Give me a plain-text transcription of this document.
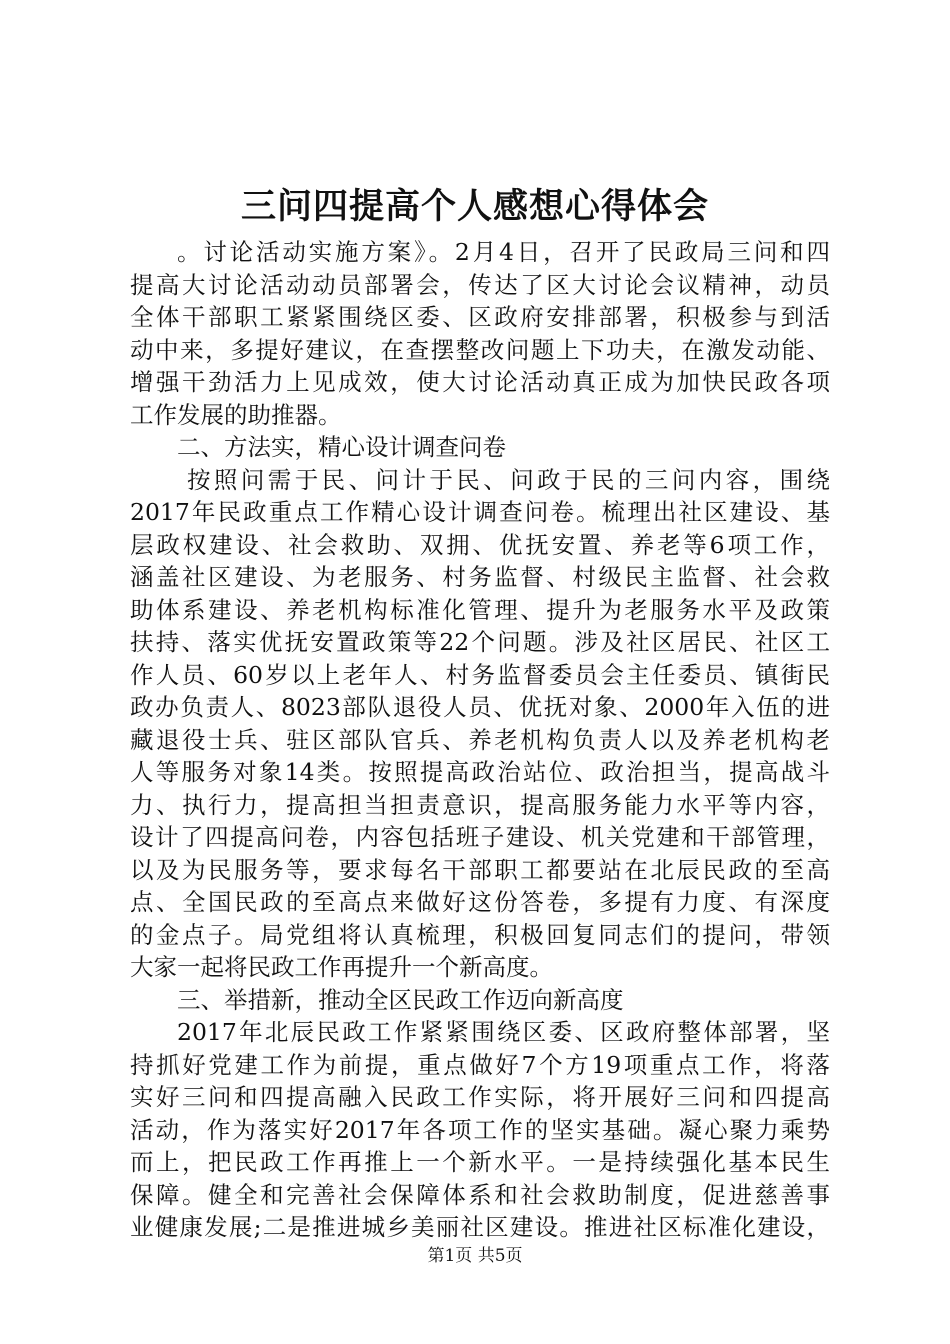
三问四提高个人感想心得体会
。讨论活动实施方案》。2月4日，召开了民政局三问和四
提高大讨论活动动员部署会，传达了区大讨论会议精神，动员
全体干部职工紧紧围绕区委、区政府安排部署，积极参与到活
动中来，多提好建议，在查摆整改问题上下功夫，在激发动能、
增强干劲活力上见成效，使大讨论活动真正成为加快民政各项
工作发展的助推器。
二、方法实，精心设计调查问卷
按照问需于民、问计于民、问政于民的三问内容，围绕
2017年民政重点工作精心设计调查问卷。梳理出社区建设、基
层政权建设、社会救助、双拥、优抚安置、养老等6项工作，
涵盖社区建设、为老服务、村务监督、村级民主监督、社会救
助体系建设、养老机构标准化管理、提升为老服务水平及政策
扶持、落实优抚安置政策等22个问题。涉及社区居民、社区工
作人员、60岁以上老年人、村务监督委员会主任委员、镇街民
政办负责人、8023部队退役人员、优抚对象、2000年入伍的进
藏退役士兵、驻区部队官兵、养老机构负责人以及养老机构老
人等服务对象14类。按照提高政治站位、政治担当，提高战斗
力、执行力，提高担当担责意识，提高服务能力水平等内容，
设计了四提高问卷，内容包括班子建设、机关党建和干部管理，
以及为民服务等，要求每名干部职工都要站在北辰民政的至高
点、全国民政的至高点来做好这份答卷，多提有力度、有深度
的金点子。局党组将认真梳理，积极回复同志们的提问，带领
大家一起将民政工作再提升一个新高度。
三、举措新，推动全区民政工作迈向新高度
2017年北辰民政工作紧紧围绕区委、区政府整体部署，坚
持抓好党建工作为前提，重点做好7个方19项重点工作，将落
实好三问和四提高融入民政工作实际，将开展好三问和四提高
活动，作为落实好2017年各项工作的坚实基础。凝心聚力乘势
而上，把民政工作再推上一个新水平。一是持续强化基本民生
保障。健全和完善社会保障体系和社会救助制度，促进慈善事
业健康发展;二是推进城乡美丽社区建设。推进社区标准化建设，
第1页 共5页
